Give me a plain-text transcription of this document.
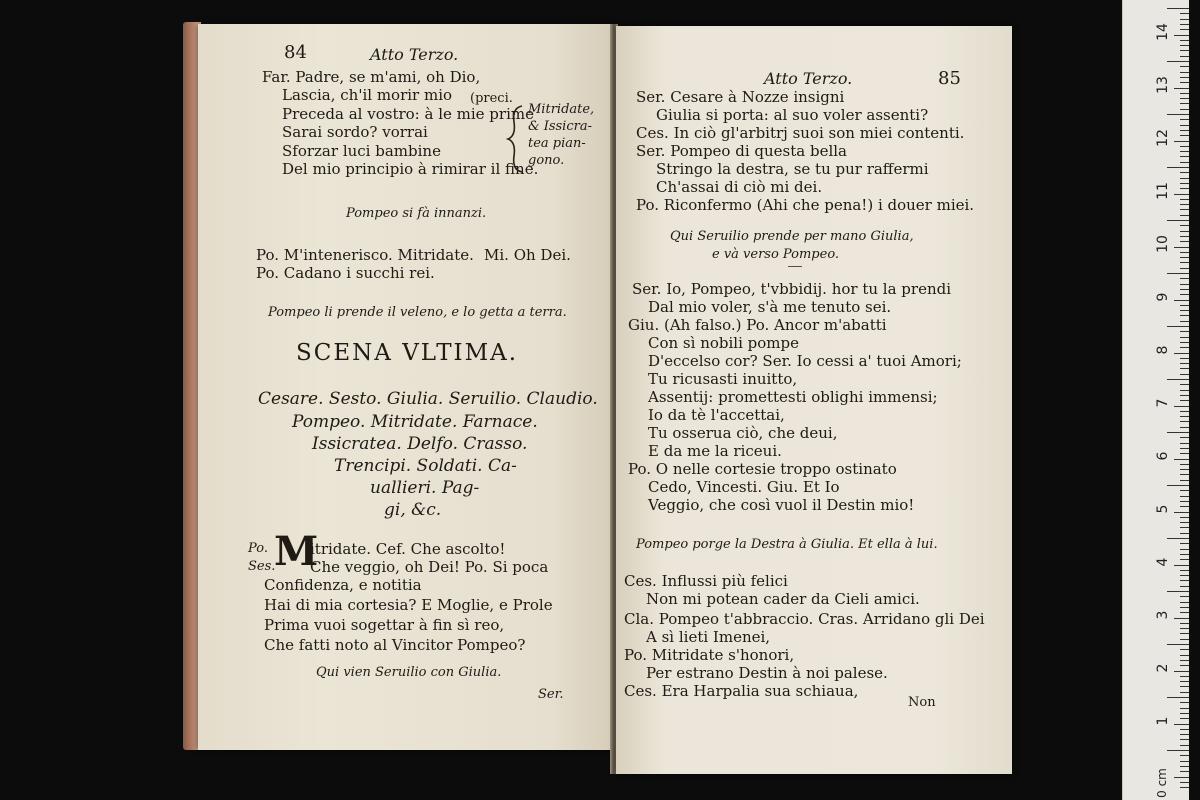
84	Atto Terzo.
Far. Padre, se m'ami, oh Dio,
Lascia, ch'il morir mio (preci.
Preceda al vostro: à le mie prime
Sarai sordo? vorrai
Sforzar luci bambine
Del mio principio à rimirar il fine.
Mitridate,
& Issicra-
tea pian-
gono.
Pompeo si fà innanzi.
Po. M'intenerisco. Mitridate. Mi. Oh Dei.
Po. Cadano i succhi rei.
Pompeo li prende il veleno, e lo getta a terra.
SCENA VLTIMA.
Cesare. Sesto. Giulia. Seruilio. Claudio.
Pompeo. Mitridate. Farnace.
Issicratea. Delfo. Crasso.
Trencipi. Soldati. Ca-
uallieri. Pag-
gi, &c.
Po. M
itridate. Cef. Che ascolto!
Ses. Che veggio, oh Dei! Po. Si poca
Confidenza, e notitia
Hai di mia cortesia? E Moglie, e Prole
Prima vuoi sogettar à fin sì reo,
Che fatti noto al Vincitor Pompeo?
Qui vien Seruilio con Giulia.
Ser.
Atto Terzo.	85
Ser. Cesare à Nozze insigni
Giulia si porta: al suo voler assenti?
Ces. In ciò gl'arbitrj suoi son miei contenti.
Ser. Pompeo di questa bella
Stringo la destra, se tu pur raffermi
Ch'assai di ciò mi dei.
Po. Riconfermo (Ahi che pena!) i douer miei.
Qui Seruilio prende per mano Giulia,
e và verso Pompeo.
Ser. Io, Pompeo, t'vbbidij. hor tu la prendi
Dal mio voler, s'à me tenuto sei.
Giu. (Ah falso.) Po. Ancor m'abatti
Con sì nobili pompe
D'eccelso cor? Ser. Io cessi a' tuoi Amori;
Tu ricusasti inuitto,
Assentij: promettesti oblighi immensi;
Io da tè l'accettai,
Tu osserua ciò, che deui,
E da me la riceui.
Po. O nelle cortesie troppo ostinato
Cedo, Vincesti. Giu. Et Io
Veggio, che così vuol il Destin mio!
Pompeo porge la Destra à Giulia. Et ella à lui.
Ces. Influssi più felici
Non mi potean cader da Cieli amici.
Cla. Pompeo t'abbraccio. Cras. Arridano gli Dei
A sì lieti Imenei,
Po. Mitridate s'honori,
Per estrano Destin à noi palese.
Ces. Era Harpalia sua schiaua,
Non
14
13
12
11
10
9
8
7
6
5
4
3
2
1
0 cm
